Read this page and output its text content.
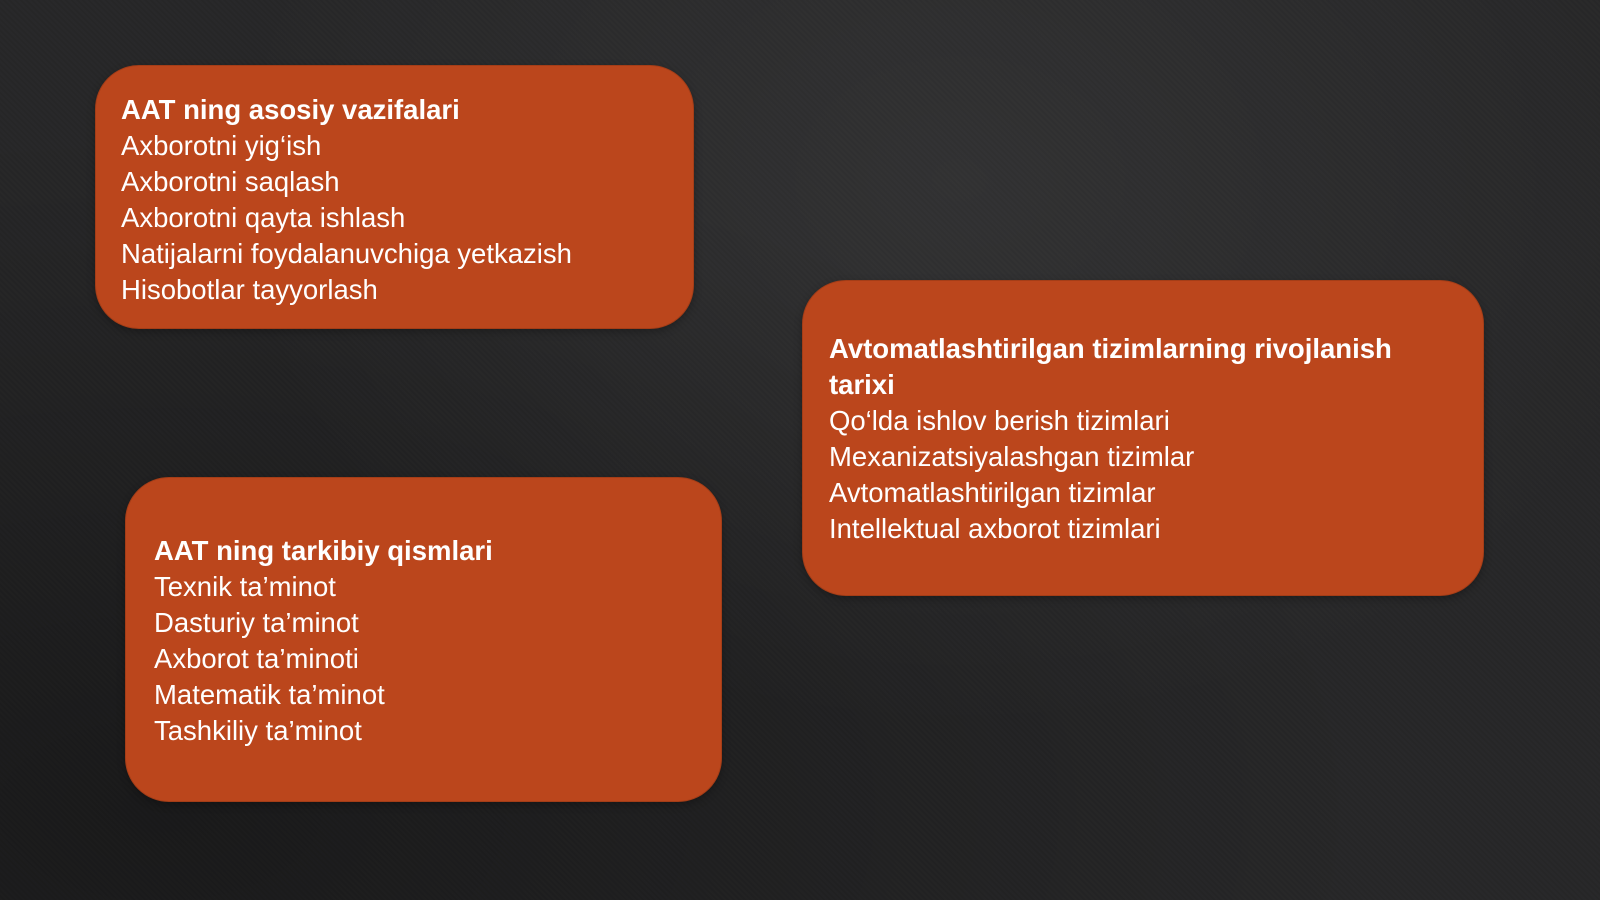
AAT ning asosiy vazifalari

Axborotni yig‘ish
Axborotni saqlash
Axborotni qayta ishlash
Natijalarni foydalanuvchiga yetkazish
Hisobotlar tayyorlash

AAT ning tarkibiy qismlari

Texnik ta’minot
Dasturiy ta’minot
Axborot ta’minoti
Matematik ta’minot
Tashkiliy ta’minot

Avtomatlashtirilgan tizimlarning rivojlanish tarixi

Qo‘lda ishlov berish tizimlari
Mexanizatsiyalashgan tizimlar
Avtomatlashtirilgan tizimlar
Intellektual axborot tizimlari
